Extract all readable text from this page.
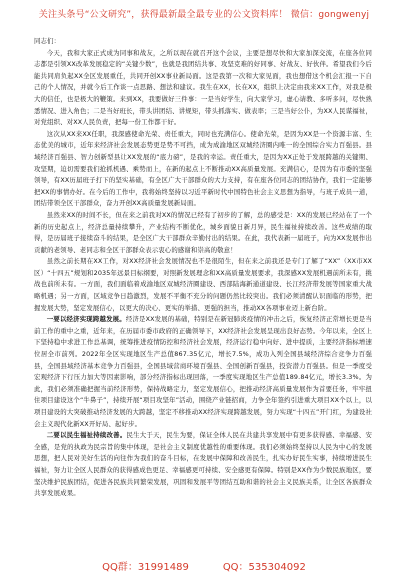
关注头条号“公文研究”，获得最新最全最专业的公文资料库！ 微信：gongwenyj

同志们：

今天，我和大家正式成为同事和战友，之所以现在就召开这个会议，主要是想尽快和大家加深交流，在座各位同志都是引领XX改革发展稳定的“关键少数”，也就是我团结共事、攻坚克难的好同事、好战友、好伙伴。希望我们今后能共同肩负起XX全区发展重任，共同开创XX事业新局面。这是我第一次和大家见面，我也想借这个机会汇报一下自己的个人情况，并就今后工作谈一点思路、想法和建议。我生在XX，长在XX，组织上决定由我来XX工作，对我是极大的信任，也是极大的鞭策。来到XX，我要做好三件事：一是当好学生，向大家学习，虚心请教、多听多问，尽快熟悉情况、进入角色；二是当好班长，带头讲团结、讲规矩，带头抓落实、做表率；三是当好公仆，为XX人民谋福祉，对党组织、对XX人民负责，把每一份工作都干好。

这次从XX来XX任职，我深感使命光荣、责任重大，同时也充满信心。使命光荣，是因为XX是一个资源丰富、生态优美的城市，近年来经济社会发展态势更是势不可挡，成为成渝地区双城经济圈内唯一的全国综合实力百强县。县域经济百强县、智力创新型县让XX发展的“底力磅”，是我的幸运。责任重大，是因为XX正处于发展跨越的关键期、攻坚期，迫切需要我们抢抓机遇、乘势而上，在新的起点上不断推动XX高质量发展。充满信心，是因为有市委的坚强领导，有XX历届班子打下的坚实基础，有全区广大干部群众的大力支持，有在座各位同志的团结协作，我们一定能够把XX的事情办好。在今后的工作中，我将始终坚持以习近平新时代中国特色社会主义思想为指导，与班子成员一道，团结带领全区干部群众，奋力开创XX高质量发展新局面。

虽然来XX的时间不长，但在来之前我对XX的情况已经有了初步的了解，总的感受是：XX的发展已经站在了一个新的历史起点上，经济总量持续攀升，产业结构不断优化，城乡面貌日新月异，民生福祉持续改善。这些成绩的取得，是历届班子接续奋斗的结果，是全区广大干部群众辛勤付出的结果。在此，我代表新一届班子，向为XX发展作出贡献的老领导、老同志和全区干部群众表示衷心的感谢和崇高的敬意！

虽然之前长期在XX工作，对XX经济社会发展情况也不是很陌生，但在来之前我还是专门了解了“XX”（XX市XX区）“十四五”规划和2035年远景目标纲要，对照新发展理念和XX高质量发展要求，我深感XX发展机遇前所未有，挑战也前所未有。一方面，我们面临着成渝地区双城经济圈建设、西部陆海新通道建设、长江经济带发展等国家重大战略机遇；另一方面，区域竞争日趋激烈，发展不平衡不充分的问题仍然比较突出。我们必须清醒认识面临的形势，把握发展大势，坚定发展信心，以更大的决心、更实的举措、更强的担当，推动XX各项事业迈上新台阶。

一要以经济实现跨越发展。经济是XX发展的基础，特别是在新冠肺炎疫情的冲击之后，恢复经济正常增长更是当前工作的重中之重，近年来，在历届市委市政府的正确领导下，XX经济社会发展呈现出良好态势。今年以来，全区上下坚持稳中求进工作总基调，统筹推进疫情防控和经济社会发展，经济运行稳中向好、进中提质，主要经济指标增速位居全市前列。2022年全区实现地区生产总值867.35亿元，增长7.5%，成功入列全国县域经济综合竞争力百强县，全国县域经济基本竞争力百强县，全国县域营商环境百强县、全国创新百强县，投资潜力百强县。但是一季度受宏观经济下行压力加大等因素影响，部分经济指标出现回落，一季度实现地区生产总值189.84亿元，增长3.3%。为此，我们必须准确把握当前经济形势，保持战略定力，坚定发展信心，把推动经济高质量发展作为首要任务，牢牢扭住项目建设这个“牛鼻子”，持续开展“项目攻坚年”活动，围绕产业链招商，力争全年签约引进重大项目XX个以上，以项目建设的大突破推动经济发展的大跨越，坚定不移推动XX经济实现跨越发展，努力实现“十四五”开门红，为建设社会主义现代化新XX开好局、起好步。

二要以民生福祉持续改善。民生大于天，民生为要，保证全体人民在共建共享发展中有更多获得感、幸福感、安全感，是党的执政为民宗旨的集中体现，是社会主义制度优越性的重要体现。我们必须始终坚持以人民为中心的发展思想，把人民对美好生活的向往作为我们的奋斗目标，在发展中保障和改善民生，扎实办好民生实事，持续增进民生福祉，努力让全区人民群众的获得感成色更足、幸福感更可持续、安全感更有保障。特别是XX作为少数民族地区，要坚决维护民族团结，促进各民族共同繁荣发展，巩固和发展平等团结互助和谐的社会主义民族关系，让全区各族群众共享发展成果。

QQ群：31991489	QQ：535304092
